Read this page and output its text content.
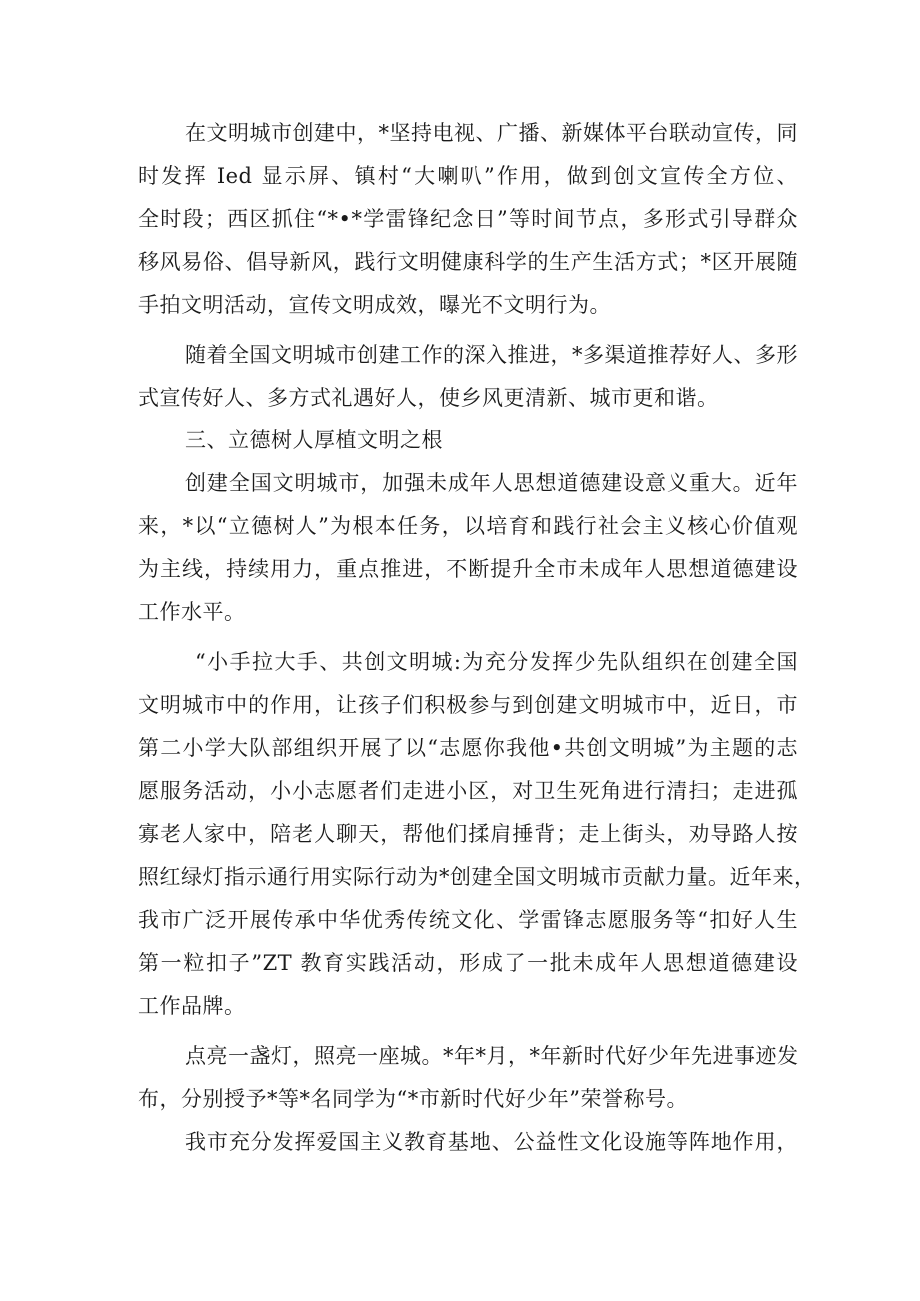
在文明城市创建中，*坚持电视、广播、新媒体平台联动宣传，同
时发挥 Ied 显示屏、镇村“大喇叭”作用，做到创文宣传全方位、
全时段；西区抓住“*•*学雷锋纪念日”等时间节点，多形式引导群众
移风易俗、倡导新风，践行文明健康科学的生产生活方式；*区开展随
手拍文明活动，宣传文明成效，曝光不文明行为。
随着全国文明城市创建工作的深入推进，*多渠道推荐好人、多形
式宣传好人、多方式礼遇好人，使乡风更清新、城市更和谐。
三、立德树人厚植文明之根
创建全国文明城市，加强未成年人思想道德建设意义重大。近年
来，*以“立德树人”为根本任务，以培育和践行社会主义核心价值观
为主线，持续用力，重点推进，不断提升全市未成年人思想道德建设
工作水平。
“小手拉大手、共创文明城:为充分发挥少先队组织在创建全国
文明城市中的作用，让孩子们积极参与到创建文明城市中，近日，市
第二小学大队部组织开展了以“志愿你我他•共创文明城”为主题的志
愿服务活动，小小志愿者们走进小区，对卫生死角进行清扫；走进孤
寡老人家中，陪老人聊天，帮他们揉肩捶背；走上街头，劝导路人按
照红绿灯指示通行用实际行动为*创建全国文明城市贡献力量。近年来，
我市广泛开展传承中华优秀传统文化、学雷锋志愿服务等“扣好人生
第一粒扣子”ZT 教育实践活动，形成了一批未成年人思想道德建设
工作品牌。
点亮一盏灯，照亮一座城。*年*月，*年新时代好少年先进事迹发
布，分别授予*等*名同学为“*市新时代好少年”荣誉称号。
我市充分发挥爱国主义教育基地、公益性文化设施等阵地作用，
